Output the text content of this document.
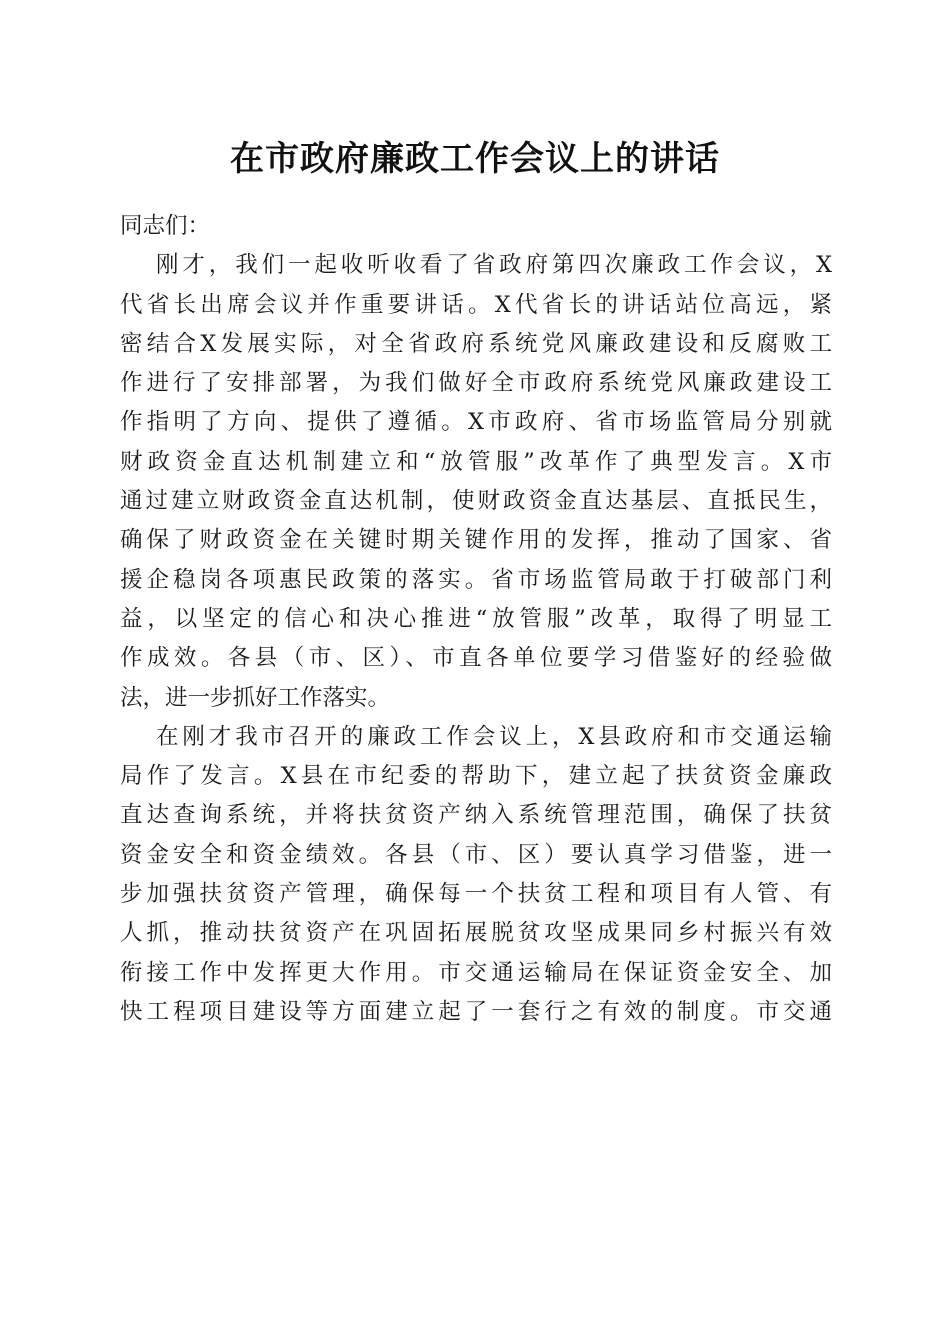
在市政府廉政工作会议上的讲话
同志们：
刚才，我们一起收听收看了省政府第四次廉政工作会议，X
代省长出席会议并作重要讲话。X代省长的讲话站位高远，紧
密结合X发展实际，对全省政府系统党风廉政建设和反腐败工
作进行了安排部署，为我们做好全市政府系统党风廉政建设工
作指明了方向、提供了遵循。X市政府、省市场监管局分别就
财政资金直达机制建立和“放管服”改革作了典型发言。X市
通过建立财政资金直达机制，使财政资金直达基层、直抵民生，
确保了财政资金在关键时期关键作用的发挥，推动了国家、省
援企稳岗各项惠民政策的落实。省市场监管局敢于打破部门利
益，以坚定的信心和决心推进“放管服”改革，取得了明显工
作成效。各县（市、区）、市直各单位要学习借鉴好的经验做
法，进一步抓好工作落实。
在刚才我市召开的廉政工作会议上，X县政府和市交通运输
局作了发言。X县在市纪委的帮助下，建立起了扶贫资金廉政
直达查询系统，并将扶贫资产纳入系统管理范围，确保了扶贫
资金安全和资金绩效。各县（市、区）要认真学习借鉴，进一
步加强扶贫资产管理，确保每一个扶贫工程和项目有人管、有
人抓，推动扶贫资产在巩固拓展脱贫攻坚成果同乡村振兴有效
衔接工作中发挥更大作用。市交通运输局在保证资金安全、加
快工程项目建设等方面建立起了一套行之有效的制度。市交通
